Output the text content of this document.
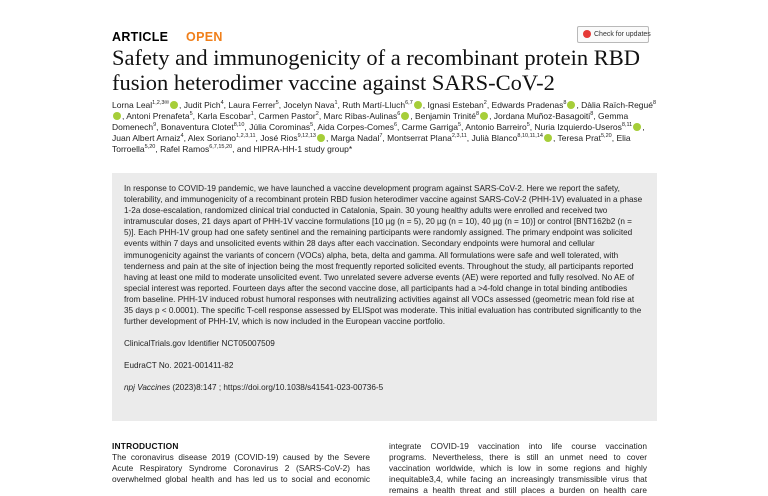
ARTICLE OPEN	Check for updates
Safety and immunogenicity of a recombinant protein RBD
fusion heterodimer vaccine against SARS-CoV-2
Lorna Leal$^{1,2,3✉}$ , Judit Pich$^4$, Laura Ferrer$^5$, Jocelyn Nava$^1$, Ruth Martí-Lluch$^{6,7}$ , Ignasi Esteban$^2$, Edwards Pradenas$^8$ , Dàlia Raïch-Regué$^8$, Antoni Prenafeta$^5$, Karla Escobar$^1$, Carmen Pastor$^2$, Marc Ribas-Aulinas$^6$ , Benjamin Trinité$^8$ , Jordana Muñoz-Basagoiti$^8$, Gemma Domenech$^9$, Bonaventura Clotet$^{8,10}$, Júlia Corominas$^5$, Aida Corpes-Comes$^6$, Carme Garriga$^5$, Antonio Barreiro$^5$, Nuria Izquierdo-Useros$^{8,11}$ , Juan Albert Arnaiz$^4$, Alex Soriano$^{1,2,3,11}$, José Rios$^{9,12,13}$ , Marga Nadal$^7$, Montserrat Plana$^{2,3,11}$, Julià Blanco$^{8,10,11,14}$ , Teresa Prat$^{5,20}$, Elia Torroella$^{5,20}$, Rafel Ramos$^{6,7,15,20}$, and HIPRA-HH-1 study group*

In response to COVID-19 pandemic, we have launched a vaccine development program against SARS-CoV-2. Here we report the safety, tolerability, and immunogenicity of a recombinant protein RBD fusion heterodimer vaccine against SARS-CoV-2 (PHH-1V) evaluated in a phase 1-2a dose-escalation, randomized clinical trial conducted in Catalonia, Spain. 30 young healthy adults were enrolled and received two intramuscular doses, 21 days apart of PHH-1V vaccine formulations [10 µg (n = 5), 20 µg (n = 10), 40 µg (n = 10)] or control [BNT162b2 (n = 5)]. Each PHH-1V group had one safety sentinel and the remaining participants were randomly assigned. The primary endpoint was solicited events within 7 days and unsolicited events within 28 days after each vaccination. Secondary endpoints were humoral and cellular immunogenicity against the variants of concern (VOCs) alpha, beta, delta and gamma. All formulations were safe and well tolerated, with tenderness and pain at the site of injection being the most frequently reported solicited events. Throughout the study, all participants reported having at least one mild to moderate unsolicited event. Two unrelated severe adverse events (AE) were reported and fully resolved. No AE of special interest was reported. Fourteen days after the second vaccine dose, all participants had a >4-fold change in total binding antibodies from baseline. PHH-1V induced robust humoral responses with neutralizing activities against all VOCs assessed (geometric mean fold rise at 35 days p < 0.0001). The specific T-cell response assessed by ELISpot was moderate. This initial evaluation has contributed significantly to the further development of PHH-1V, which is now included in the European vaccine portfolio.

ClinicalTrials.gov Identifier NCT05007509

EudraCT No. 2021-001411-82

npj Vaccines (2023)8:147 ; https://doi.org/10.1038/s41541-023-00736-5

INTRODUCTION
The coronavirus disease 2019 (COVID-19) caused by the Severe
Acute Respiratory Syndrome Coronavirus 2 (SARS-CoV-2) has
overwhelmed global health and has led us to social and economic
integrate COVID-19 vaccination into life course vaccination
programs. Nevertheless, there is still an unmet need to cover
vaccination worldwide, which is low in some regions and highly
inequitable3,4, while facing an increasingly transmissible virus that
remains a health threat and still places a burden on health care
